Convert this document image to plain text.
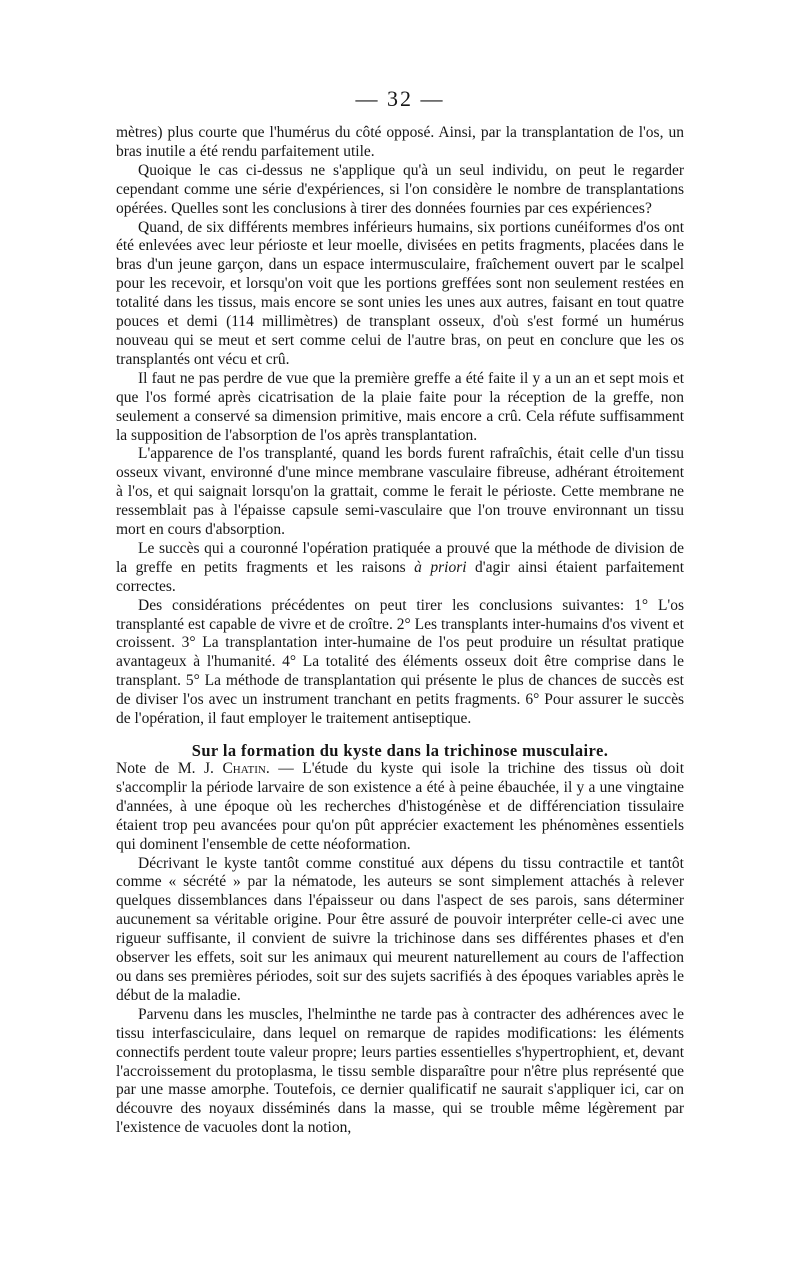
— 32 —

mètres) plus courte que l'humérus du côté opposé. Ainsi, par la transplantation de l'os, un bras inutile a été rendu parfaitement utile.

Quoique le cas ci-dessus ne s'applique qu'à un seul individu, on peut le regarder cependant comme une série d'expériences, si l'on considère le nombre de transplantations opérées. Quelles sont les conclusions à tirer des données fournies par ces expériences?

Quand, de six différents membres inférieurs humains, six portions cunéiformes d'os ont été enlevées avec leur périoste et leur moelle, divisées en petits fragments, placées dans le bras d'un jeune garçon, dans un espace intermusculaire, fraîchement ouvert par le scalpel pour les recevoir, et lorsqu'on voit que les portions greffées sont non seulement restées en totalité dans les tissus, mais encore se sont unies les unes aux autres, faisant en tout quatre pouces et demi (114 millimètres) de transplant osseux, d'où s'est formé un humérus nouveau qui se meut et sert comme celui de l'autre bras, on peut en conclure que les os transplantés ont vécu et crû.

Il faut ne pas perdre de vue que la première greffe a été faite il y a un an et sept mois et que l'os formé après cicatrisation de la plaie faite pour la réception de la greffe, non seulement a conservé sa dimension primitive, mais encore a crû. Cela réfute suffisamment la supposition de l'absorption de l'os après transplantation.

L'apparence de l'os transplanté, quand les bords furent rafraîchis, était celle d'un tissu osseux vivant, environné d'une mince membrane vasculaire fibreuse, adhérant étroitement à l'os, et qui saignait lorsqu'on la grattait, comme le ferait le périoste. Cette membrane ne ressemblait pas à l'épaisse capsule semi-vasculaire que l'on trouve environnant un tissu mort en cours d'absorption.

Le succès qui a couronné l'opération pratiquée a prouvé que la méthode de division de la greffe en petits fragments et les raisons à priori d'agir ainsi étaient parfaitement correctes.

Des considérations précédentes on peut tirer les conclusions suivantes: 1° L'os transplanté est capable de vivre et de croître. 2° Les transplants inter-humains d'os vivent et croissent. 3° La transplantation inter-humaine de l'os peut produire un résultat pratique avantageux à l'humanité. 4° La totalité des éléments osseux doit être comprise dans le transplant. 5° La méthode de transplantation qui présente le plus de chances de succès est de diviser l'os avec un instrument tranchant en petits fragments. 6° Pour assurer le succès de l'opération, il faut employer le traitement antiseptique.

Sur la formation du kyste dans la trichinose musculaire.

Note de M. J. Chatin. — L'étude du kyste qui isole la trichine des tissus où doit s'accomplir la période larvaire de son existence a été à peine ébauchée, il y a une vingtaine d'années, à une époque où les recherches d'histogénèse et de différenciation tissulaire étaient trop peu avancées pour qu'on pût apprécier exactement les phénomènes essentiels qui dominent l'ensemble de cette néoformation.

Décrivant le kyste tantôt comme constitué aux dépens du tissu contractile et tantôt comme « sécrété » par la nématode, les auteurs se sont simplement attachés à relever quelques dissemblances dans l'épaisseur ou dans l'aspect de ses parois, sans déterminer aucunement sa véritable origine. Pour être assuré de pouvoir interpréter celle-ci avec une rigueur suffisante, il convient de suivre la trichinose dans ses différentes phases et d'en observer les effets, soit sur les animaux qui meurent naturellement au cours de l'affection ou dans ses premières périodes, soit sur des sujets sacrifiés à des époques variables après le début de la maladie.

Parvenu dans les muscles, l'helminthe ne tarde pas à contracter des adhérences avec le tissu interfasciculaire, dans lequel on remarque de rapides modifications: les éléments connectifs perdent toute valeur propre; leurs parties essentielles s'hypertrophient, et, devant l'accroissement du protoplasma, le tissu semble disparaître pour n'être plus représenté que par une masse amorphe. Toutefois, ce dernier qualificatif ne saurait s'appliquer ici, car on découvre des noyaux disséminés dans la masse, qui se trouble même légèrement par l'existence de vacuoles dont la notion,
